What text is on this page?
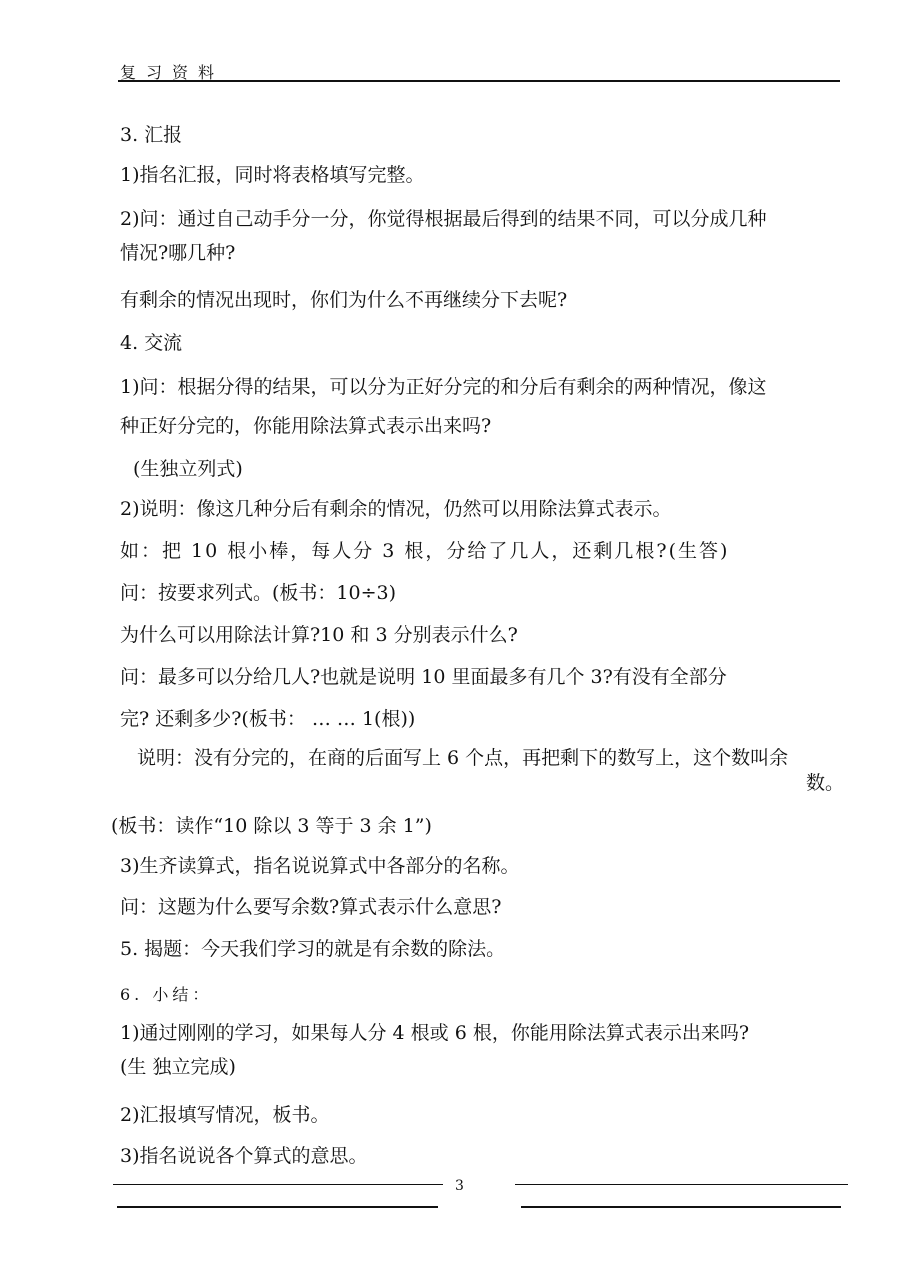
复习资料
3. 汇报
1)指名汇报，同时将表格填写完整。
2)问：通过自己动手分一分，你觉得根据最后得到的结果不同，可以分成几种
情况?哪几种?
有剩余的情况出现时，你们为什么不再继续分下去呢?
4. 交流
1)问：根据分得的结果，可以分为正好分完的和分后有剩余的两种情况，像这
种正好分完的，你能用除法算式表示出来吗?
(生独立列式)
2)说明：像这几种分后有剩余的情况，仍然可以用除法算式表示。
如：把 10 根小棒，每人分 3 根，分给了几人，还剩几根?(生答)
问：按要求列式。(板书：10÷3)
为什么可以用除法计算?10 和 3 分别表示什么?
问：最多可以分给几人?也就是说明 10 里面最多有几个 3?有没有全部分
完? 还剩多少?(板书： … … 1(根))
说明：没有分完的，在商的后面写上 6 个点，再把剩下的数写上，这个数叫余
数。
(板书：读作“10 除以 3 等于 3 余 1”)
3)生齐读算式，指名说说算式中各部分的名称。
问：这题为什么要写余数?算式表示什么意思?
5. 揭题：今天我们学习的就是有余数的除法。
6. 小结：
1)通过刚刚的学习，如果每人分 4 根或 6 根，你能用除法算式表示出来吗?
(生 独立完成)
2)汇报填写情况，板书。
3)指名说说各个算式的意思。
3
